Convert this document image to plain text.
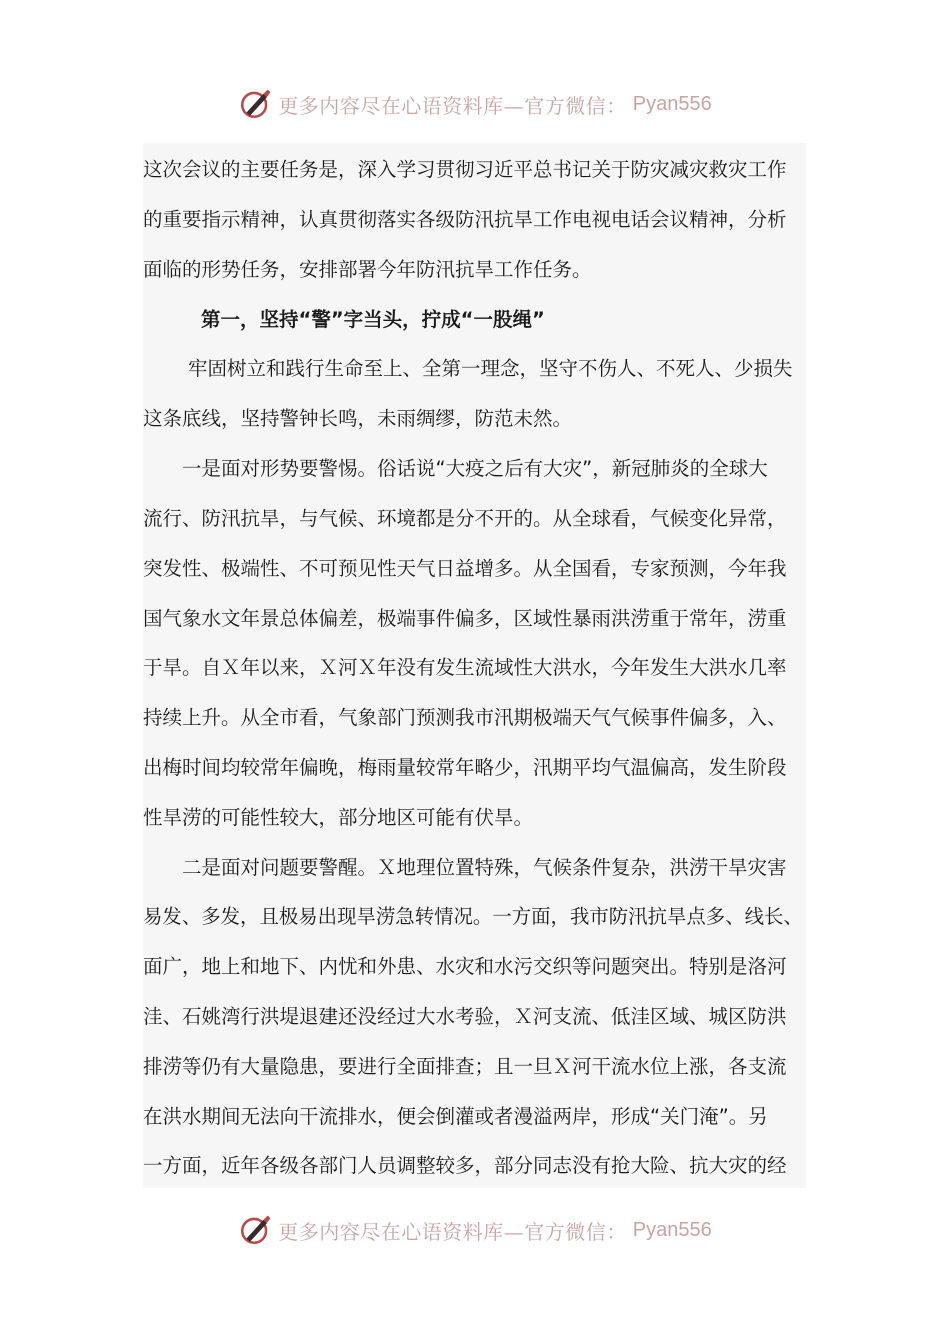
更多内容尽在心语资料库—官方微信： Pyan556
这次会议的主要任务是，深入学习贯彻习近平总书记关于防灾减灾救灾工作
的重要指示精神，认真贯彻落实各级防汛抗旱工作电视电话会议精神，分析
面临的形势任务，安排部署今年防汛抗旱工作任务。
第一，坚持“警”字当头，拧成“一股绳”
牢固树立和践行生命至上、全第一理念，坚守不伤人、不死人、少损失
这条底线，坚持警钟长鸣，未雨绸缪，防范未然。
一是面对形势要警惕。俗话说“大疫之后有大灾”，新冠肺炎的全球大
流行、防汛抗旱，与气候、环境都是分不开的。从全球看，气候变化异常，
突发性、极端性、不可预见性天气日益增多。从全国看，专家预测，今年我
国气象水文年景总体偏差，极端事件偏多，区域性暴雨洪涝重于常年，涝重
于旱。自Ｘ年以来，Ｘ河Ｘ年没有发生流域性大洪水，今年发生大洪水几率
持续上升。从全市看，气象部门预测我市汛期极端天气气候事件偏多，入、
出梅时间均较常年偏晚，梅雨量较常年略少，汛期平均气温偏高，发生阶段
性旱涝的可能性较大，部分地区可能有伏旱。
二是面对问题要警醒。Ｘ地理位置特殊，气候条件复杂，洪涝干旱灾害
易发、多发，且极易出现旱涝急转情况。一方面，我市防汛抗旱点多、线长、
面广，地上和地下、内忧和外患、水灾和水污交织等问题突出。特别是洛河
洼、石姚湾行洪堤退建还没经过大水考验，Ｘ河支流、低洼区域、城区防洪
排涝等仍有大量隐患，要进行全面排查；且一旦Ｘ河干流水位上涨，各支流
在洪水期间无法向干流排水，便会倒灌或者漫溢两岸，形成“关门淹”。另
一方面，近年各级各部门人员调整较多，部分同志没有抢大险、抗大灾的经
更多内容尽在心语资料库—官方微信： Pyan556
